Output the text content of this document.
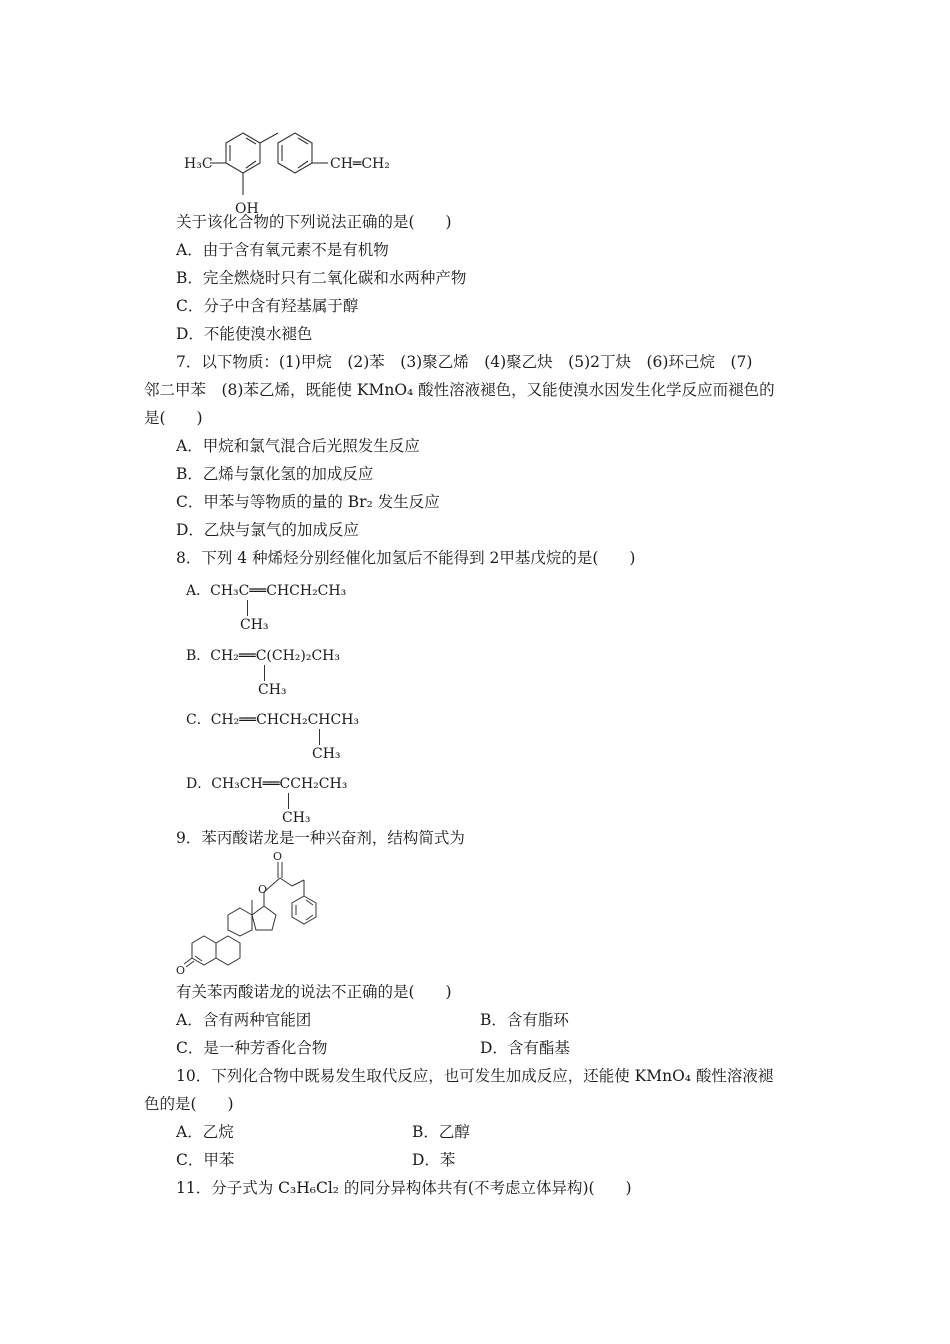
H₃C
OH
CH═CH₂
关于该化合物的下列说法正确的是(　　)
A．由于含有氧元素不是有机物
B．完全燃烧时只有二氧化碳和水两种产物
C．分子中含有羟基属于醇
D．不能使溴水褪色
7．以下物质：(1)甲烷　(2)苯　(3)聚乙烯　(4)聚乙炔　(5)2丁炔　(6)环己烷　(7)
邻二甲苯　(8)苯乙烯，既能使 KMnO₄ 酸性溶液褪色，又能使溴水因发生化学反应而褪色的
是(　　)
A．甲烷和氯气混合后光照发生反应
B．乙烯与氯化氢的加成反应
C．甲苯与等物质的量的 Br₂ 发生反应
D．乙炔与氯气的加成反应
8．下列 4 种烯烃分别经催化加氢后不能得到 2甲基戊烷的是(　　)
A．CH₃C══CHCH₂CH₃
CH₃
B．CH₂══C(CH₂)₂CH₃
CH₃
C．CH₂══CHCH₂CHCH₃
CH₃
D．CH₃CH══CCH₂CH₃
CH₃
9．苯丙酸诺龙是一种兴奋剂，结构简式为
O
O
O
有关苯丙酸诺龙的说法不正确的是(　　)
A．含有两种官能团	B．含有脂环
C．是一种芳香化合物	D．含有酯基
10．下列化合物中既易发生取代反应，也可发生加成反应，还能使 KMnO₄ 酸性溶液褪
色的是(　　)
A．乙烷	B．乙醇
C．甲苯	D．苯
11．分子式为 C₃H₆Cl₂ 的同分异构体共有(不考虑立体异构)(　　)
